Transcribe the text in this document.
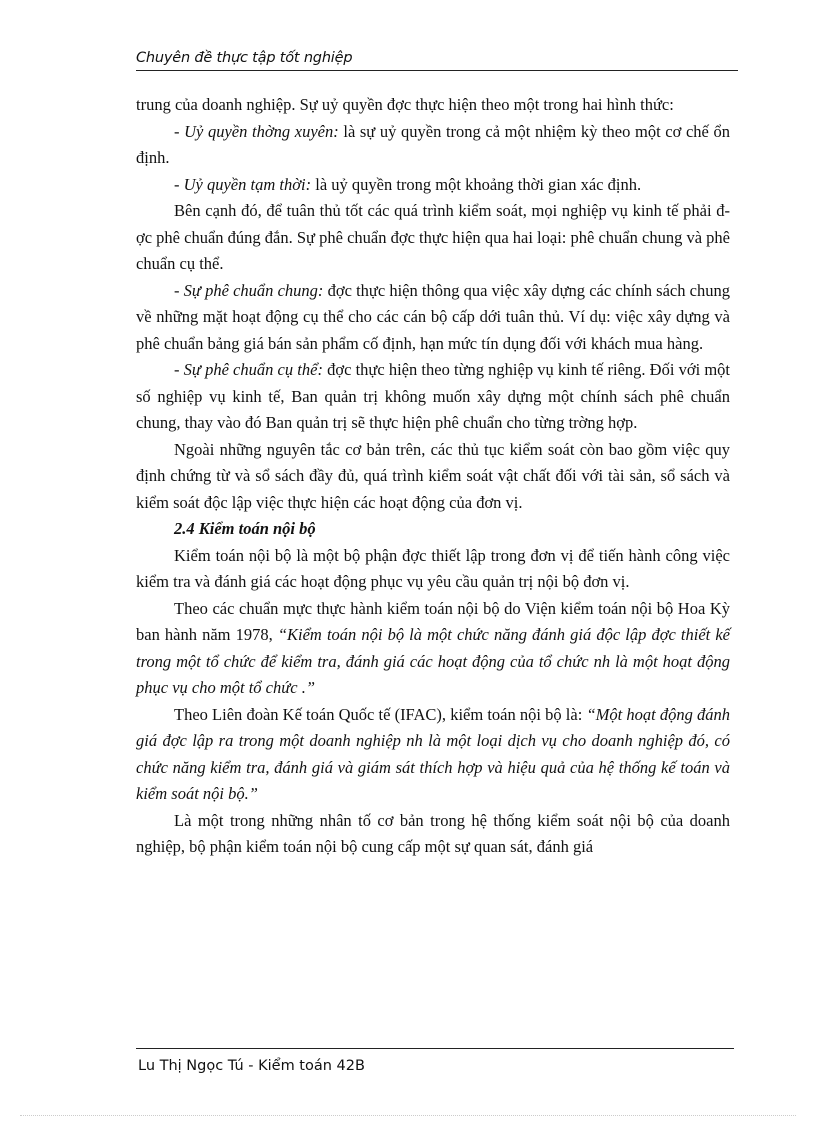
Chuyên đề thực tập tốt nghiệp

trung của doanh nghiệp. Sự uỷ quyền đợc thực hiện theo một trong hai hình thức:

- Uỷ quyền thờng xuyên: là sự uỷ quyền trong cả một nhiệm kỳ theo một cơ chế ổn định.

- Uỷ quyền tạm thời: là uỷ quyền trong một khoảng thời gian xác định.

Bên cạnh đó, để tuân thủ tốt các quá trình kiểm soát, mọi nghiệp vụ kinh tế phải đợc phê chuẩn đúng đắn. Sự phê chuẩn đợc thực hiện qua hai loại: phê chuẩn chung và phê chuẩn cụ thể.

- Sự phê chuẩn chung: đợc thực hiện thông qua việc xây dựng các chính sách chung về những mặt hoạt động cụ thể cho các cán bộ cấp dới tuân thủ. Ví dụ: việc xây dựng và phê chuẩn bảng giá bán sản phẩm cố định, hạn mức tín dụng đối với khách mua hàng.

- Sự phê chuẩn cụ thể: đợc thực hiện theo từng nghiệp vụ kinh tế riêng. Đối với một số nghiệp vụ kinh tế, Ban quản trị không muốn xây dựng một chính sách phê chuẩn chung, thay vào đó Ban quản trị sẽ thực hiện phê chuẩn cho từng trờng hợp.

Ngoài những nguyên tắc cơ bản trên, các thủ tục kiểm soát còn bao gồm việc quy định chứng từ và sổ sách đầy đủ, quá trình kiểm soát vật chất đối với tài sản, sổ sách và kiểm soát độc lập việc thực hiện các hoạt động của đơn vị.

2.4 Kiểm toán nội bộ

Kiểm toán nội bộ là một bộ phận đợc thiết lập trong đơn vị để tiến hành công việc kiểm tra và đánh giá các hoạt động phục vụ yêu cầu quản trị nội bộ đơn vị.

Theo các chuẩn mực thực hành kiểm toán nội bộ do Viện kiểm toán nội bộ Hoa Kỳ ban hành năm 1978, “Kiểm toán nội bộ là một chức năng đánh giá độc lập đợc thiết kế trong một tổ chức để kiểm tra, đánh giá các hoạt động của tổ chức nh là một hoạt động phục vụ cho một tổ chức .”

Theo Liên đoàn Kế toán Quốc tế (IFAC), kiểm toán nội bộ là: “Một hoạt động đánh giá đợc lập ra trong một doanh nghiệp nh là một loại dịch vụ cho doanh nghiệp đó, có chức năng kiểm tra, đánh giá và giám sát thích hợp và hiệu quả của hệ thống kế toán và kiểm soát nội bộ.”

Là một trong những nhân tố cơ bản trong hệ thống kiểm soát nội bộ của doanh nghiệp, bộ phận kiểm toán nội bộ cung cấp một sự quan sát, đánh giá

Lu Thị Ngọc Tú - Kiểm toán 42B
